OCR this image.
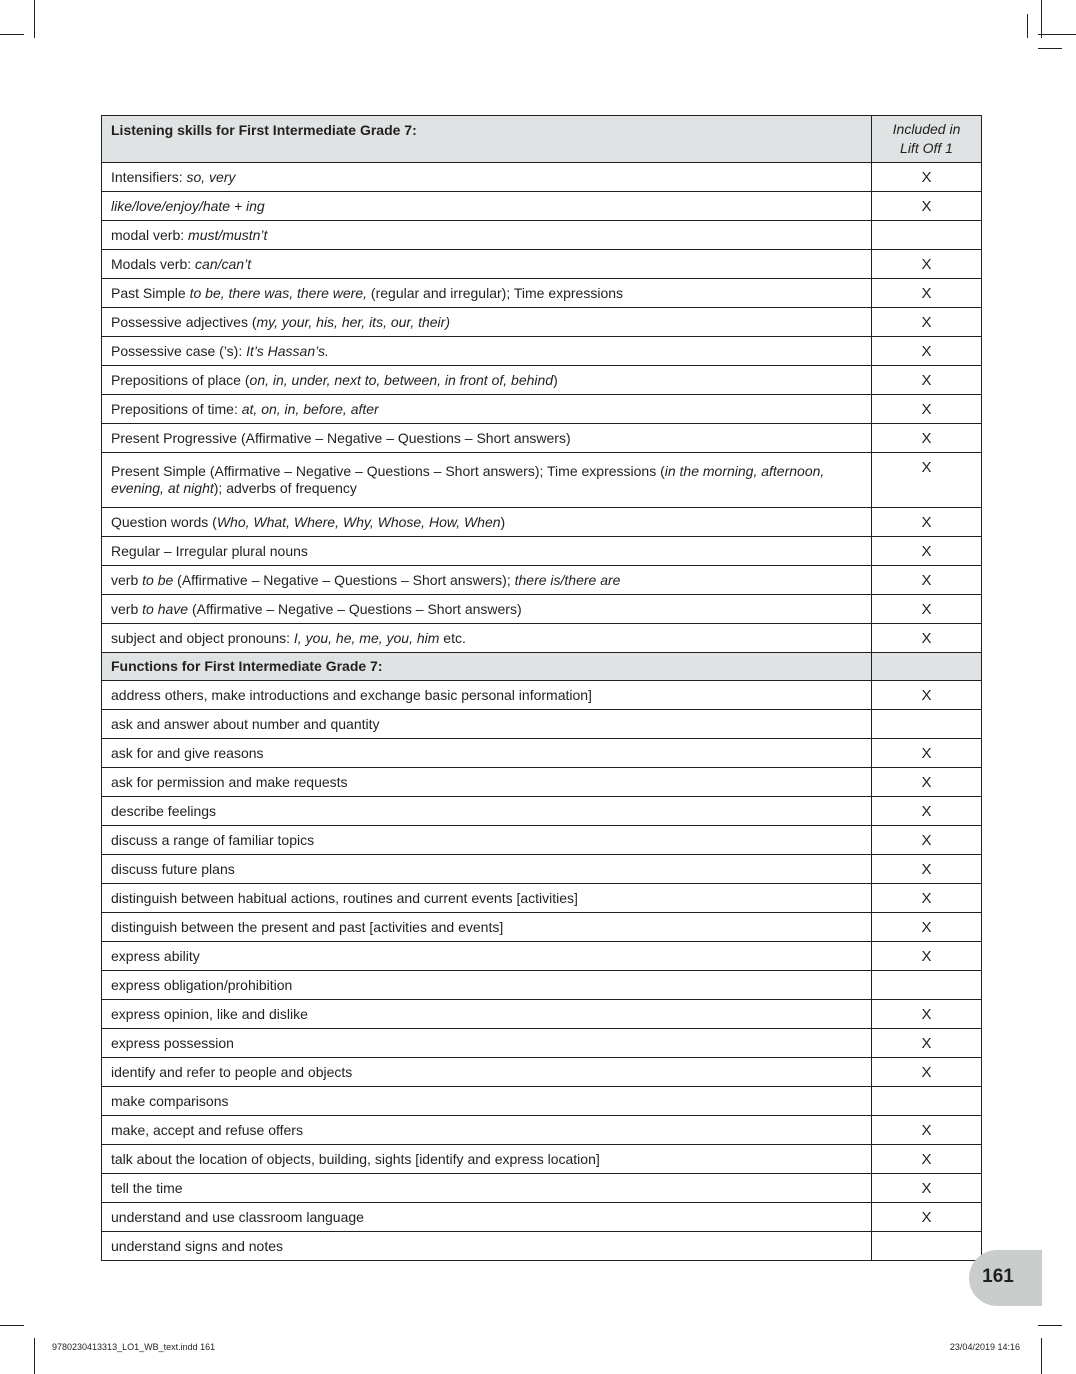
Listening skills for First Intermediate Grade 7:	Included in
Lift Off 1
Intensifiers: so, very	X
like/love/enjoy/hate + ing	X
modal verb: must/mustn’t	
Modals verb: can/can’t	X
Past Simple to be, there was, there were, (regular and irregular); Time expressions	X
Possessive adjectives (my, your, his, her, its, our, their)	X
Possessive case (’s): It’s Hassan’s.	X
Prepositions of place (on, in, under, next to, between, in front of, behind)	X
Prepositions of time: at, on, in, before, after	X
Present Progressive (Affirmative – Negative – Questions – Short answers)	X
Present Simple (Affirmative – Negative – Questions – Short answers); Time expressions (in the morning, afternoon, evening, at night); adverbs of frequency	X
Question words (Who, What, Where, Why, Whose, How, When)	X
Regular – Irregular plural nouns	X
verb to be (Affirmative – Negative – Questions – Short answers); there is/there are	X
verb to have (Affirmative – Negative – Questions – Short answers)	X
subject and object pronouns: I, you, he, me, you, him etc.	X
Functions for First Intermediate Grade 7:	
address others, make introductions and exchange basic personal information]	X
ask and answer about number and quantity	
ask for and give reasons	X
ask for permission and make requests	X
describe feelings	X
discuss a range of familiar topics	X
discuss future plans	X
distinguish between habitual actions, routines and current events [activities]	X
distinguish between the present and past [activities and events]	X
express ability	X
express obligation/prohibition	
express opinion, like and dislike	X
express possession	X
identify and refer to people and objects	X
make comparisons	
make, accept and refuse offers	X
talk about the location of objects, building, sights [identify and express location]	X
tell the time	X
understand and use classroom language	X
understand signs and notes	
161
9780230413313_LO1_WB_text.indd 161	23/04/2019 14:16
